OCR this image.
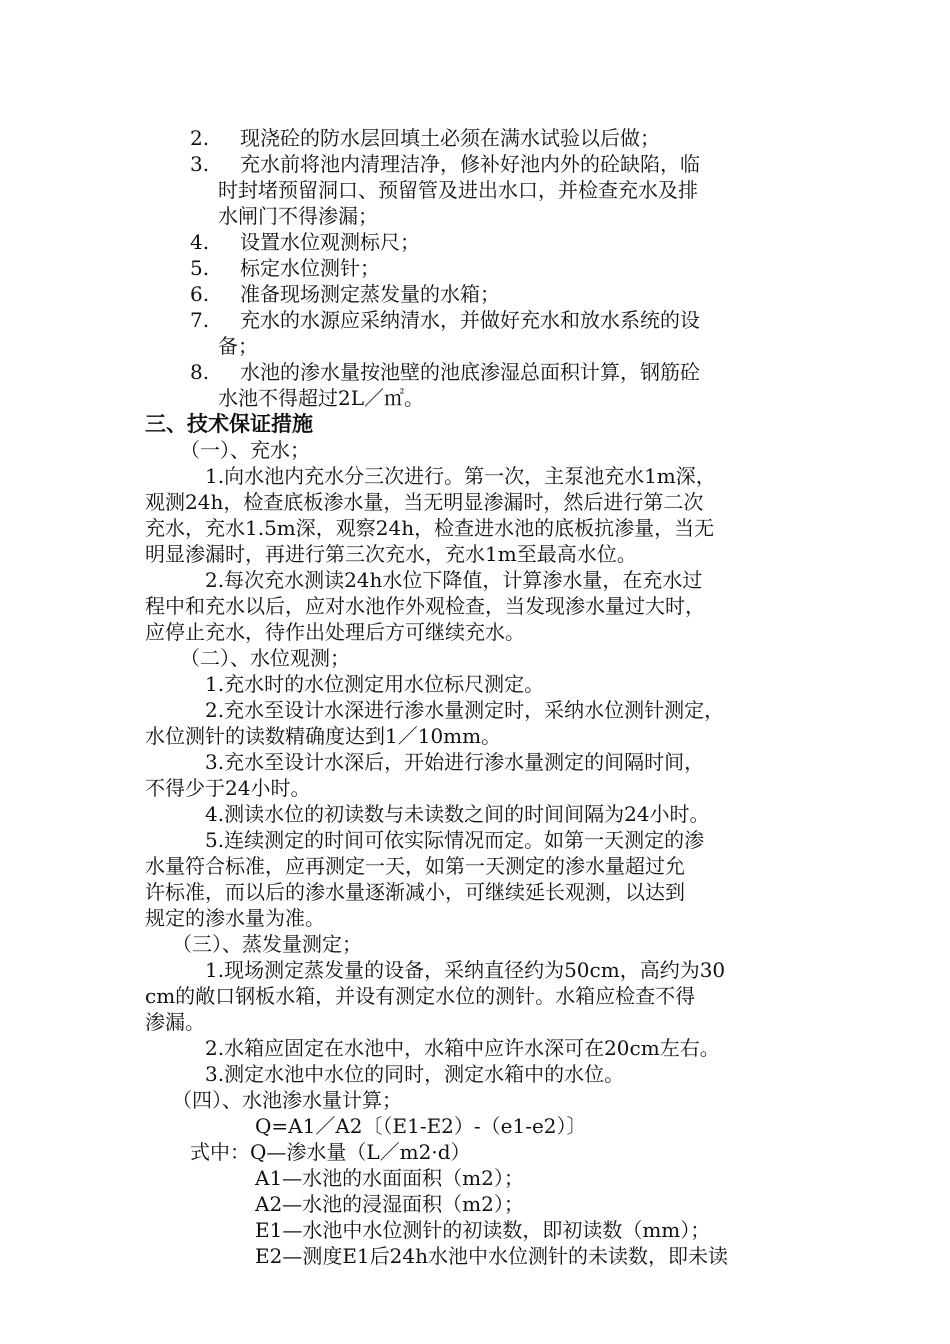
2. 现浇砼的防水层回填土必须在满水试验以后做；
3. 充水前将池内清理洁净，修补好池内外的砼缺陷，临
时封堵预留洞口、预留管及进出水口，并检查充水及排
水闸门不得渗漏；
4. 设置水位观测标尺；
5. 标定水位测针；
6. 准备现场测定蒸发量的水箱；
7. 充水的水源应采纳清水，并做好充水和放水系统的设
备；
8. 水池的渗水量按池壁的池底渗湿总面积计算，钢筋砼
水池不得超过2L／㎡。
三、技术保证措施
（一）、充水；
1.向水池内充水分三次进行。第一次，主泵池充水1m深，
观测24h，检查底板渗水量，当无明显渗漏时，然后进行第二次
充水，充水1.5m深，观察24h，检查进水池的底板抗渗量，当无
明显渗漏时，再进行第三次充水，充水1m至最高水位。
2.每次充水测读24h水位下降值，计算渗水量，在充水过
程中和充水以后，应对水池作外观检查，当发现渗水量过大时，
应停止充水，待作出处理后方可继续充水。
（二）、水位观测；
1.充水时的水位测定用水位标尺测定。
2.充水至设计水深进行渗水量测定时，采纳水位测针测定，
水位测针的读数精确度达到1／10mm。
3.充水至设计水深后，开始进行渗水量测定的间隔时间，
不得少于24小时。
4.测读水位的初读数与未读数之间的时间间隔为24小时。
5.连续测定的时间可依实际情况而定。如第一天测定的渗
水量符合标准，应再测定一天，如第一天测定的渗水量超过允
许标准，而以后的渗水量逐渐减小，可继续延长观测，以达到
规定的渗水量为准。
（三）、蒸发量测定；
1.现场测定蒸发量的设备，采纳直径约为50cm，高约为30
cm的敞口钢板水箱，并设有测定水位的测针。水箱应检查不得
渗漏。
2.水箱应固定在水池中，水箱中应许水深可在20cm左右。
3.测定水池中水位的同时，测定水箱中的水位。
（四）、水池渗水量计算；
Q=A1／A2〔（E1-E2）-（e1-e2）〕
式中：Q—渗水量（L／m2·d）
A1—水池的水面面积（m2）；
A2—水池的浸湿面积（m2）；
E1—水池中水位测针的初读数，即初读数（mm）；
E2—测度E1后24h水池中水位测针的未读数，即未读
